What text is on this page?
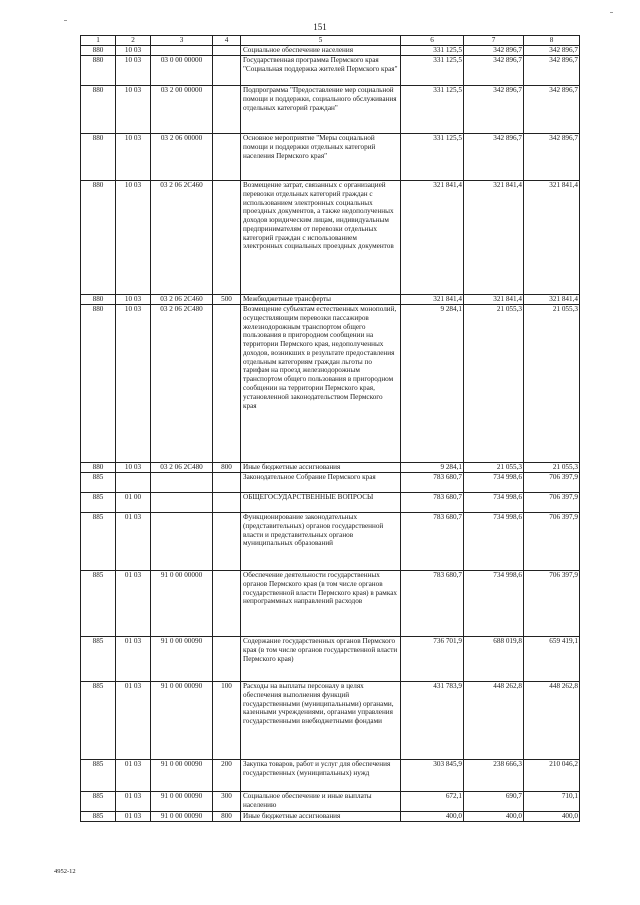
151
1	2	3	4	5	6	7	8
880	10 03			Социальное обеспечение населения	331 125,5	342 896,7	342 896,7
880	10 03	03 0 00 00000		Государственная программа Пермского края "Социальная поддержка жителей Пермского края"	331 125,5	342 896,7	342 896,7
880	10 03	03 2 00 00000		Подпрограмма "Предоставление мер социальной помощи и поддержки, социального обслуживания отдельных категорий граждан"	331 125,5	342 896,7	342 896,7
880	10 03	03 2 06 00000		Основное мероприятие "Меры социальной помощи и поддержки отдельных категорий населения Пермского края"	331 125,5	342 896,7	342 896,7
880	10 03	03 2 06 2С460		Возмещение затрат, связанных с организацией перевозки отдельных категорий граждан с использованием электронных социальных проездных документов, а также недополученных доходов юридическим лицам, индивидуальным предпринимателям от перевозки отдельных категорий граждан с использованием электронных социальных проездных документов	321 841,4	321 841,4	321 841,4
880	10 03	03 2 06 2С460	500	Межбюджетные трансферты	321 841,4	321 841,4	321 841,4
880	10 03	03 2 06 2С480		Возмещение субъектам естественных монополий, осуществляющим перевозки пассажиров железнодорожным транспортом общего пользования в пригородном сообщении на территории Пермского края, недополученных доходов, возникших в результате предоставления отдельным категориям граждан льготы по тарифам на проезд железнодорожным транспортом общего пользования в пригородном сообщении на территории Пермского края, установленной законодательством Пермского края	9 284,1	21 055,3	21 055,3
880	10 03	03 2 06 2С480	800	Иные бюджетные ассигнования	9 284,1	21 055,3	21 055,3
885				Законодательное Собрание Пермского края	783 680,7	734 998,6	706 397,9
885	01 00			ОБЩЕГОСУДАРСТВЕННЫЕ ВОПРОСЫ	783 680,7	734 998,6	706 397,9
885	01 03			Функционирование законодательных (представительных) органов государственной власти и представительных органов муниципальных образований	783 680,7	734 998,6	706 397,9
885	01 03	91 0 00 00000		Обеспечение деятельности государственных органов Пермского края (в том числе органов государственной власти Пермского края) в рамках непрограммных направлений расходов	783 680,7	734 998,6	706 397,9
885	01 03	91 0 00 00090		Содержание государственных органов Пермского края (в том числе органов государственной власти Пермского края)	736 701,9	688 019,8	659 419,1
885	01 03	91 0 00 00090	100	Расходы на выплаты персоналу в целях обеспечения выполнения функций государственными (муниципальными) органами, казенными учреждениями, органами управления государственными внебюджетными фондами	431 783,9	448 262,8	448 262,8
885	01 03	91 0 00 00090	200	Закупка товаров, работ и услуг для обеспечения государственных (муниципальных) нужд	303 845,9	238 666,3	210 046,2
885	01 03	91 0 00 00090	300	Социальное обеспечение и иные выплаты населению	672,1	690,7	710,1
885	01 03	91 0 00 00090	800	Иные бюджетные ассигнования	400,0	400,0	400,0
4952-12
